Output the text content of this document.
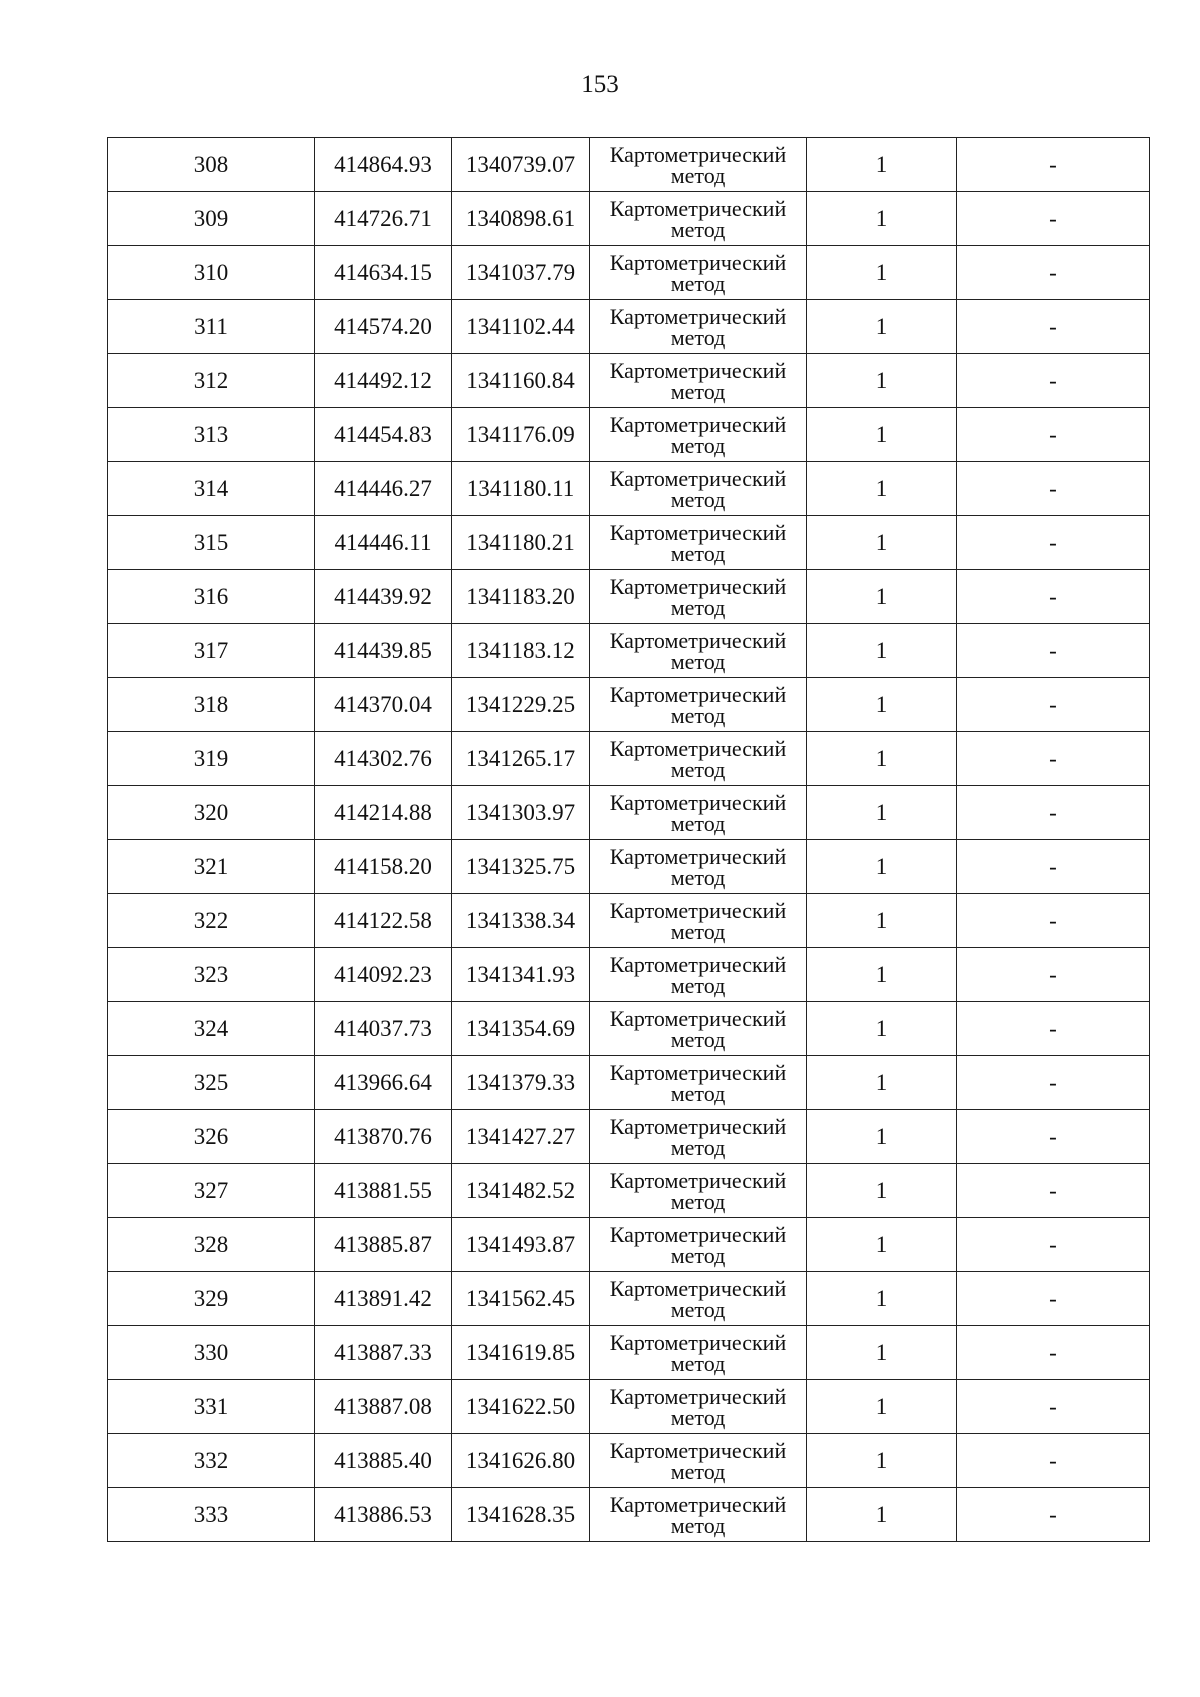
153
308	414864.93	1340739.07	Картометрический
метод	1	-
309	414726.71	1340898.61	Картометрический
метод	1	-
310	414634.15	1341037.79	Картометрический
метод	1	-
311	414574.20	1341102.44	Картометрический
метод	1	-
312	414492.12	1341160.84	Картометрический
метод	1	-
313	414454.83	1341176.09	Картометрический
метод	1	-
314	414446.27	1341180.11	Картометрический
метод	1	-
315	414446.11	1341180.21	Картометрический
метод	1	-
316	414439.92	1341183.20	Картометрический
метод	1	-
317	414439.85	1341183.12	Картометрический
метод	1	-
318	414370.04	1341229.25	Картометрический
метод	1	-
319	414302.76	1341265.17	Картометрический
метод	1	-
320	414214.88	1341303.97	Картометрический
метод	1	-
321	414158.20	1341325.75	Картометрический
метод	1	-
322	414122.58	1341338.34	Картометрический
метод	1	-
323	414092.23	1341341.93	Картометрический
метод	1	-
324	414037.73	1341354.69	Картометрический
метод	1	-
325	413966.64	1341379.33	Картометрический
метод	1	-
326	413870.76	1341427.27	Картометрический
метод	1	-
327	413881.55	1341482.52	Картометрический
метод	1	-
328	413885.87	1341493.87	Картометрический
метод	1	-
329	413891.42	1341562.45	Картометрический
метод	1	-
330	413887.33	1341619.85	Картометрический
метод	1	-
331	413887.08	1341622.50	Картометрический
метод	1	-
332	413885.40	1341626.80	Картометрический
метод	1	-
333	413886.53	1341628.35	Картометрический
метод	1	-
